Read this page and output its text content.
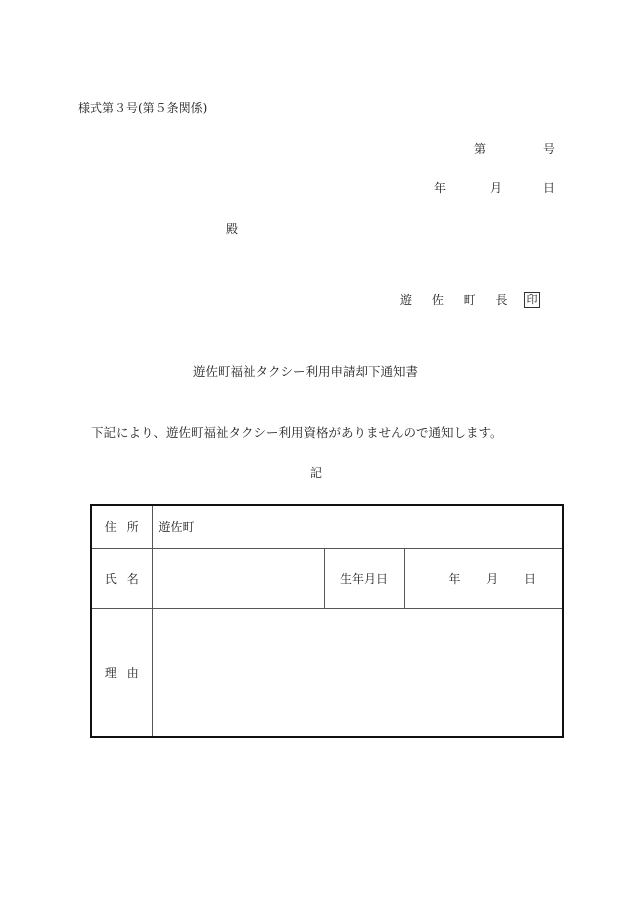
様式第３号(第５条関係)
第	号
年	月	日
殿
遊 佐 町 長 印
遊佐町福祉タクシー利用申請却下通知書
下記により、遊佐町福祉タクシー利用資格がありませんので通知します。
記
住所	遊佐町		
氏名		生年月日	年 月 日
理由			
